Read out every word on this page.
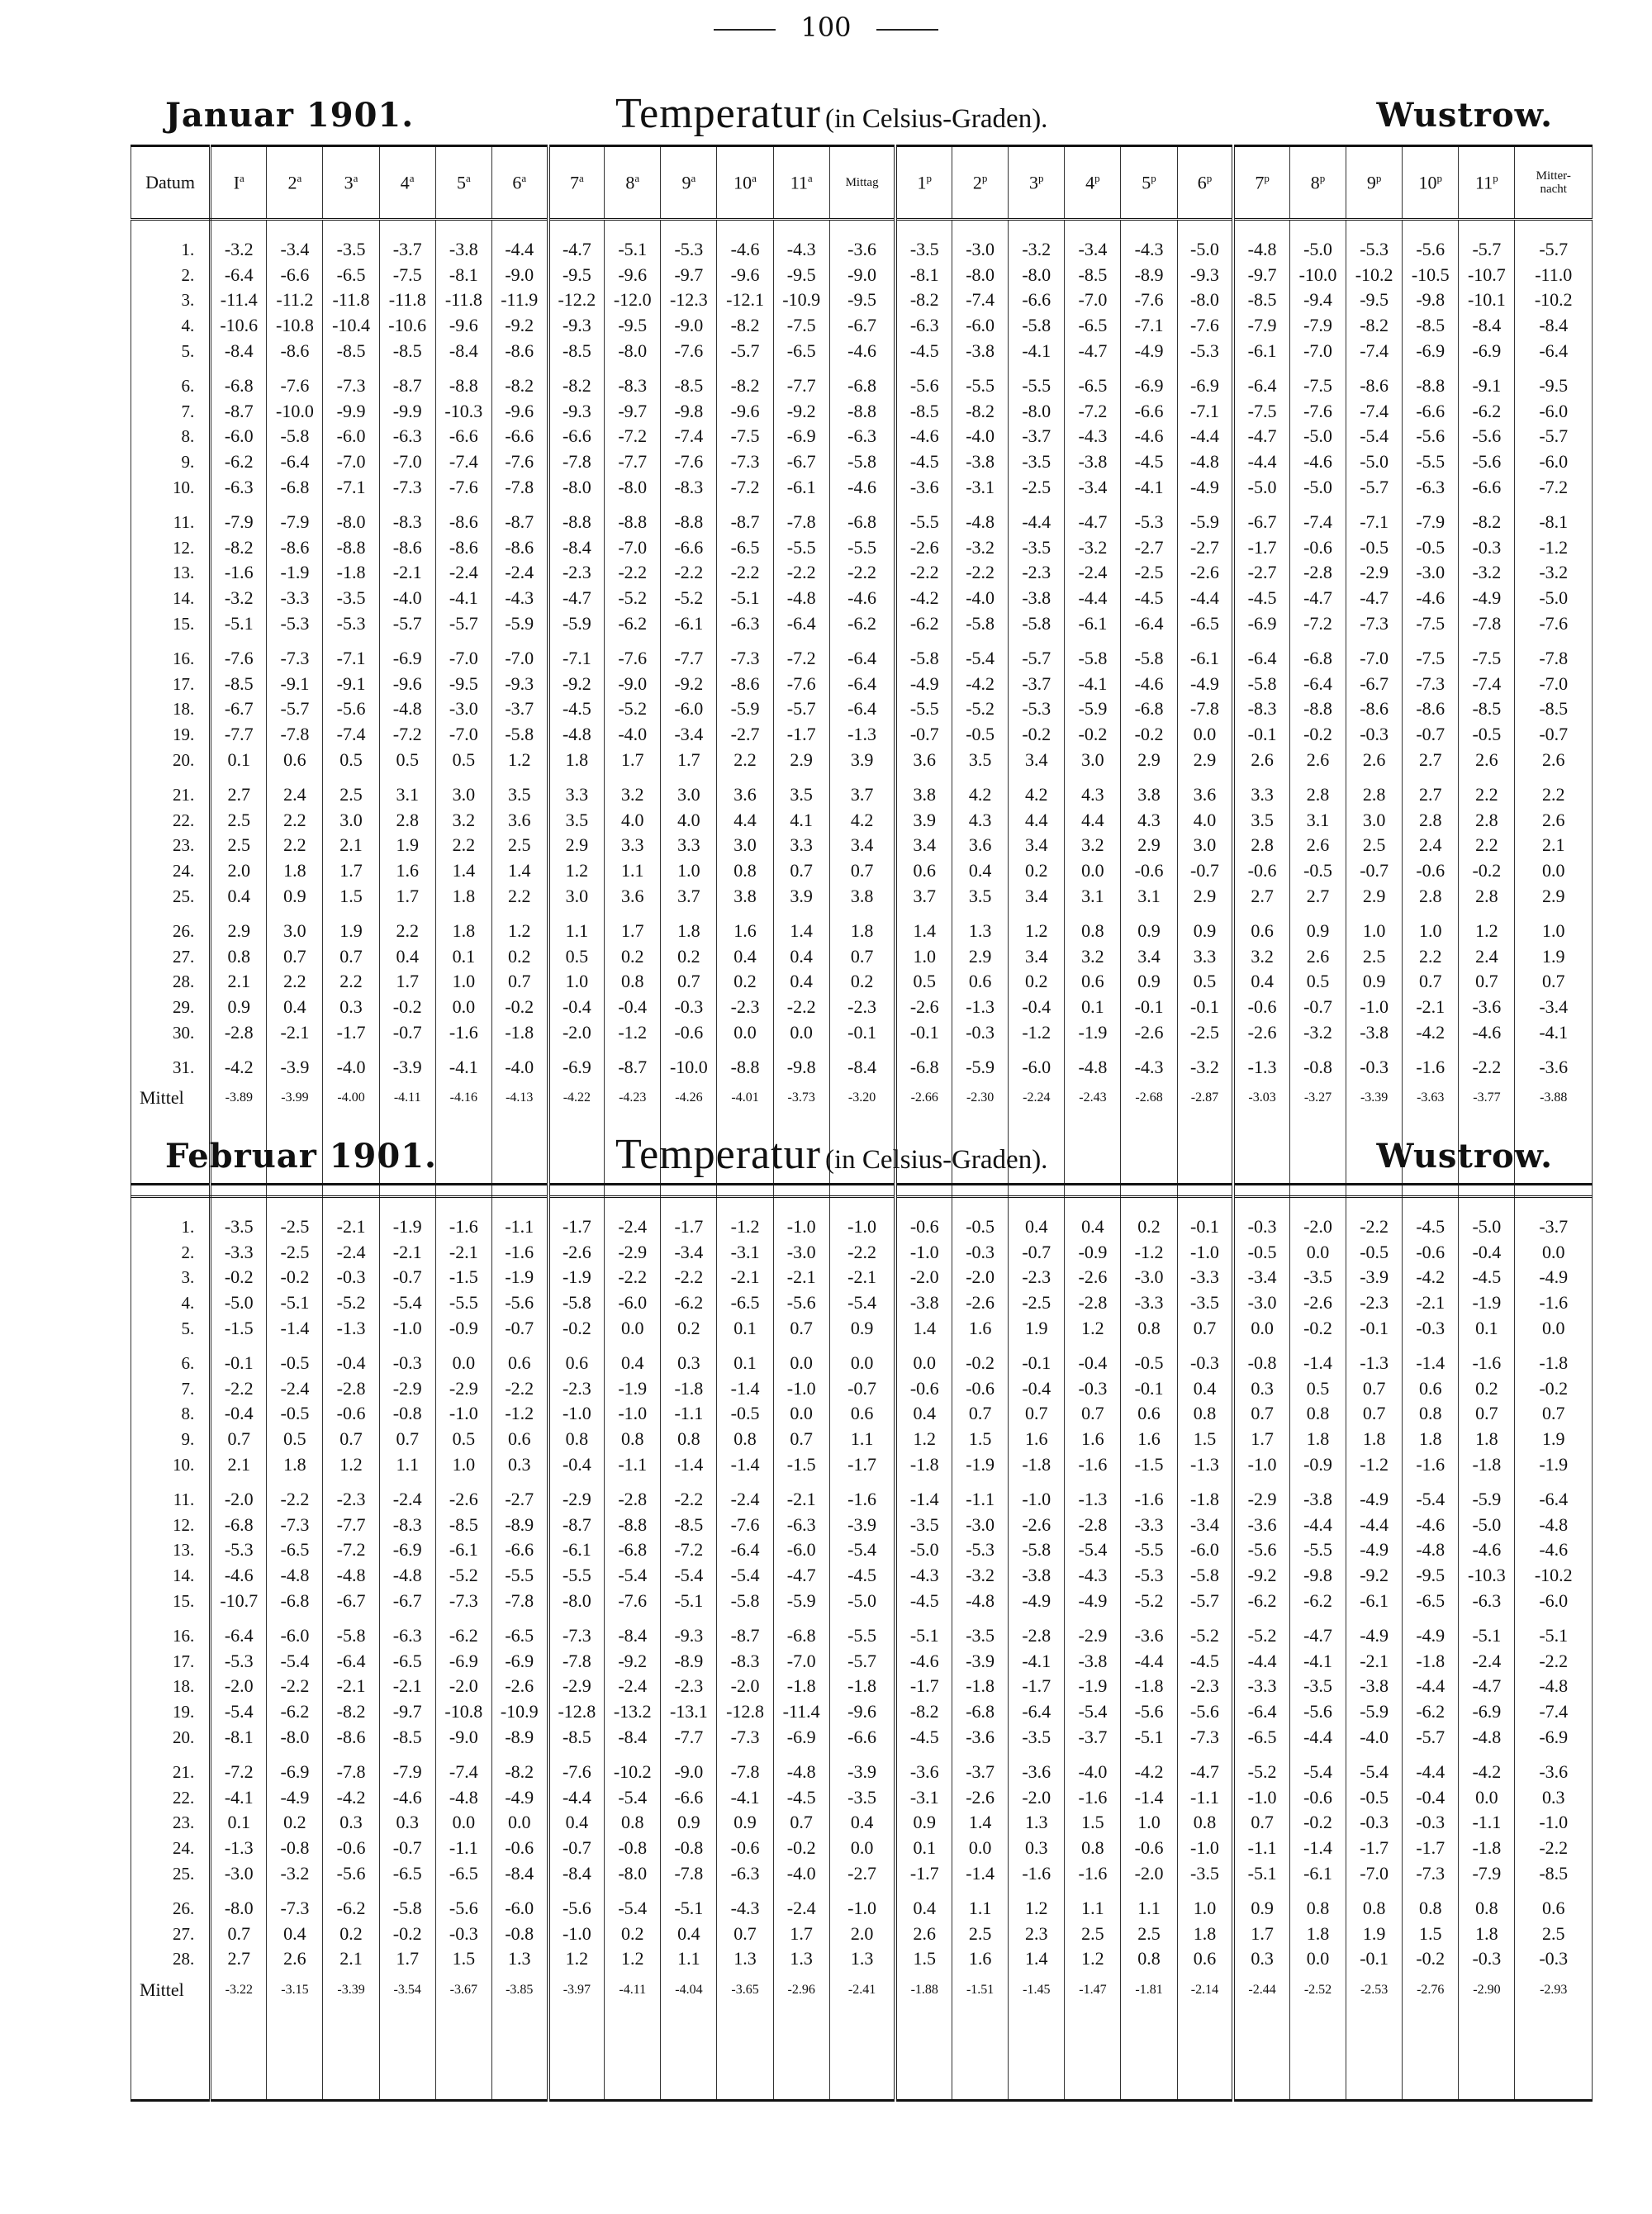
100
Januar 1901.	Temperatur (in Celsius-Graden).	Wustrow.
Datum	$I^a$	2$^a$	3$^a$	4$^a$	5$^a$	6$^a$	7$^a$	8$^a$	9$^a$	10$^a$	11$^a$	Mittag	1$^p$	2$^p$	3$^p$	4$^p$	5$^p$	6$^p$	7$^p$	8$^p$	9$^p$	10$^p$	11$^p$	Mitter-
nacht

1.	-3.2	-3.4	-3.5	-3.7	-3.8	-4.4	-4.7	-5.1	-5.3	-4.6	-4.3	-3.6	-3.5	-3.0	-3.2	-3.4	-4.3	-5.0	-4.8	-5.0	-5.3	-5.6	-5.7	-5.7
2.	-6.4	-6.6	-6.5	-7.5	-8.1	-9.0	-9.5	-9.6	-9.7	-9.6	-9.5	-9.0	-8.1	-8.0	-8.0	-8.5	-8.9	-9.3	-9.7	-10.0	-10.2	-10.5	-10.7	-11.0
3.	-11.4	-11.2	-11.8	-11.8	-11.8	-11.9	-12.2	-12.0	-12.3	-12.1	-10.9	-9.5	-8.2	-7.4	-6.6	-7.0	-7.6	-8.0	-8.5	-9.4	-9.5	-9.8	-10.1	-10.2
4.	-10.6	-10.8	-10.4	-10.6	-9.6	-9.2	-9.3	-9.5	-9.0	-8.2	-7.5	-6.7	-6.3	-6.0	-5.8	-6.5	-7.1	-7.6	-7.9	-7.9	-8.2	-8.5	-8.4	-8.4
5.	-8.4	-8.6	-8.5	-8.5	-8.4	-8.6	-8.5	-8.0	-7.6	-5.7	-6.5	-4.6	-4.5	-3.8	-4.1	-4.7	-4.9	-5.3	-6.1	-7.0	-7.4	-6.9	-6.9	-6.4

6.	-6.8	-7.6	-7.3	-8.7	-8.8	-8.2	-8.2	-8.3	-8.5	-8.2	-7.7	-6.8	-5.6	-5.5	-5.5	-6.5	-6.9	-6.9	-6.4	-7.5	-8.6	-8.8	-9.1	-9.5
7.	-8.7	-10.0	-9.9	-9.9	-10.3	-9.6	-9.3	-9.7	-9.8	-9.6	-9.2	-8.8	-8.5	-8.2	-8.0	-7.2	-6.6	-7.1	-7.5	-7.6	-7.4	-6.6	-6.2	-6.0
8.	-6.0	-5.8	-6.0	-6.3	-6.6	-6.6	-6.6	-7.2	-7.4	-7.5	-6.9	-6.3	-4.6	-4.0	-3.7	-4.3	-4.6	-4.4	-4.7	-5.0	-5.4	-5.6	-5.6	-5.7
9.	-6.2	-6.4	-7.0	-7.0	-7.4	-7.6	-7.8	-7.7	-7.6	-7.3	-6.7	-5.8	-4.5	-3.8	-3.5	-3.8	-4.5	-4.8	-4.4	-4.6	-5.0	-5.5	-5.6	-6.0
10.	-6.3	-6.8	-7.1	-7.3	-7.6	-7.8	-8.0	-8.0	-8.3	-7.2	-6.1	-4.6	-3.6	-3.1	-2.5	-3.4	-4.1	-4.9	-5.0	-5.0	-5.7	-6.3	-6.6	-7.2

11.	-7.9	-7.9	-8.0	-8.3	-8.6	-8.7	-8.8	-8.8	-8.8	-8.7	-7.8	-6.8	-5.5	-4.8	-4.4	-4.7	-5.3	-5.9	-6.7	-7.4	-7.1	-7.9	-8.2	-8.1
12.	-8.2	-8.6	-8.8	-8.6	-8.6	-8.6	-8.4	-7.0	-6.6	-6.5	-5.5	-5.5	-2.6	-3.2	-3.5	-3.2	-2.7	-2.7	-1.7	-0.6	-0.5	-0.5	-0.3	-1.2
13.	-1.6	-1.9	-1.8	-2.1	-2.4	-2.4	-2.3	-2.2	-2.2	-2.2	-2.2	-2.2	-2.2	-2.2	-2.3	-2.4	-2.5	-2.6	-2.7	-2.8	-2.9	-3.0	-3.2	-3.2
14.	-3.2	-3.3	-3.5	-4.0	-4.1	-4.3	-4.7	-5.2	-5.2	-5.1	-4.8	-4.6	-4.2	-4.0	-3.8	-4.4	-4.5	-4.4	-4.5	-4.7	-4.7	-4.6	-4.9	-5.0
15.	-5.1	-5.3	-5.3	-5.7	-5.7	-5.9	-5.9	-6.2	-6.1	-6.3	-6.4	-6.2	-6.2	-5.8	-5.8	-6.1	-6.4	-6.5	-6.9	-7.2	-7.3	-7.5	-7.8	-7.6

16.	-7.6	-7.3	-7.1	-6.9	-7.0	-7.0	-7.1	-7.6	-7.7	-7.3	-7.2	-6.4	-5.8	-5.4	-5.7	-5.8	-5.8	-6.1	-6.4	-6.8	-7.0	-7.5	-7.5	-7.8
17.	-8.5	-9.1	-9.1	-9.6	-9.5	-9.3	-9.2	-9.0	-9.2	-8.6	-7.6	-6.4	-4.9	-4.2	-3.7	-4.1	-4.6	-4.9	-5.8	-6.4	-6.7	-7.3	-7.4	-7.0
18.	-6.7	-5.7	-5.6	-4.8	-3.0	-3.7	-4.5	-5.2	-6.0	-5.9	-5.7	-6.4	-5.5	-5.2	-5.3	-5.9	-6.8	-7.8	-8.3	-8.8	-8.6	-8.6	-8.5	-8.5
19.	-7.7	-7.8	-7.4	-7.2	-7.0	-5.8	-4.8	-4.0	-3.4	-2.7	-1.7	-1.3	-0.7	-0.5	-0.2	-0.2	-0.2	0.0	-0.1	-0.2	-0.3	-0.7	-0.5	-0.7
20.	0.1	0.6	0.5	0.5	0.5	1.2	1.8	1.7	1.7	2.2	2.9	3.9	3.6	3.5	3.4	3.0	2.9	2.9	2.6	2.6	2.6	2.7	2.6	2.6

21.	2.7	2.4	2.5	3.1	3.0	3.5	3.3	3.2	3.0	3.6	3.5	3.7	3.8	4.2	4.2	4.3	3.8	3.6	3.3	2.8	2.8	2.7	2.2	2.2
22.	2.5	2.2	3.0	2.8	3.2	3.6	3.5	4.0	4.0	4.4	4.1	4.2	3.9	4.3	4.4	4.4	4.3	4.0	3.5	3.1	3.0	2.8	2.8	2.6
23.	2.5	2.2	2.1	1.9	2.2	2.5	2.9	3.3	3.3	3.0	3.3	3.4	3.4	3.6	3.4	3.2	2.9	3.0	2.8	2.6	2.5	2.4	2.2	2.1
24.	2.0	1.8	1.7	1.6	1.4	1.4	1.2	1.1	1.0	0.8	0.7	0.7	0.6	0.4	0.2	0.0	-0.6	-0.7	-0.6	-0.5	-0.7	-0.6	-0.2	0.0
25.	0.4	0.9	1.5	1.7	1.8	2.2	3.0	3.6	3.7	3.8	3.9	3.8	3.7	3.5	3.4	3.1	3.1	2.9	2.7	2.7	2.9	2.8	2.8	2.9

26.	2.9	3.0	1.9	2.2	1.8	1.2	1.1	1.7	1.8	1.6	1.4	1.8	1.4	1.3	1.2	0.8	0.9	0.9	0.6	0.9	1.0	1.0	1.2	1.0
27.	0.8	0.7	0.7	0.4	0.1	0.2	0.5	0.2	0.2	0.4	0.4	0.7	1.0	2.9	3.4	3.2	3.4	3.3	3.2	2.6	2.5	2.2	2.4	1.9
28.	2.1	2.2	2.2	1.7	1.0	0.7	1.0	0.8	0.7	0.2	0.4	0.2	0.5	0.6	0.2	0.6	0.9	0.5	0.4	0.5	0.9	0.7	0.7	0.7
29.	0.9	0.4	0.3	-0.2	0.0	-0.2	-0.4	-0.4	-0.3	-2.3	-2.2	-2.3	-2.6	-1.3	-0.4	0.1	-0.1	-0.1	-0.6	-0.7	-1.0	-2.1	-3.6	-3.4
30.	-2.8	-2.1	-1.7	-0.7	-1.6	-1.8	-2.0	-1.2	-0.6	0.0	0.0	-0.1	-0.1	-0.3	-1.2	-1.9	-2.6	-2.5	-2.6	-3.2	-3.8	-4.2	-4.6	-4.1

31.	-4.2	-3.9	-4.0	-3.9	-4.1	-4.0	-6.9	-8.7	-10.0	-8.8	-9.8	-8.4	-6.8	-5.9	-6.0	-4.8	-4.3	-3.2	-1.3	-0.8	-0.3	-1.6	-2.2	-3.6
Mittel	-3.89	-3.99	-4.00	-4.11	-4.16	-4.13	-4.22	-4.23	-4.26	-4.01	-3.73	-3.20	-2.66	-2.30	-2.24	-2.43	-2.68	-2.87	-3.03	-3.27	-3.39	-3.63	-3.77	-3.88

Februar 1901.	Temperatur (in Celsius-Graden).	Wustrow.

1.	-3.5	-2.5	-2.1	-1.9	-1.6	-1.1	-1.7	-2.4	-1.7	-1.2	-1.0	-1.0	-0.6	-0.5	0.4	0.4	0.2	-0.1	-0.3	-2.0	-2.2	-4.5	-5.0	-3.7
2.	-3.3	-2.5	-2.4	-2.1	-2.1	-1.6	-2.6	-2.9	-3.4	-3.1	-3.0	-2.2	-1.0	-0.3	-0.7	-0.9	-1.2	-1.0	-0.5	0.0	-0.5	-0.6	-0.4	0.0
3.	-0.2	-0.2	-0.3	-0.7	-1.5	-1.9	-1.9	-2.2	-2.2	-2.1	-2.1	-2.1	-2.0	-2.0	-2.3	-2.6	-3.0	-3.3	-3.4	-3.5	-3.9	-4.2	-4.5	-4.9
4.	-5.0	-5.1	-5.2	-5.4	-5.5	-5.6	-5.8	-6.0	-6.2	-6.5	-5.6	-5.4	-3.8	-2.6	-2.5	-2.8	-3.3	-3.5	-3.0	-2.6	-2.3	-2.1	-1.9	-1.6
5.	-1.5	-1.4	-1.3	-1.0	-0.9	-0.7	-0.2	0.0	0.2	0.1	0.7	0.9	1.4	1.6	1.9	1.2	0.8	0.7	0.0	-0.2	-0.1	-0.3	0.1	0.0

6.	-0.1	-0.5	-0.4	-0.3	0.0	0.6	0.6	0.4	0.3	0.1	0.0	0.0	0.0	-0.2	-0.1	-0.4	-0.5	-0.3	-0.8	-1.4	-1.3	-1.4	-1.6	-1.8
7.	-2.2	-2.4	-2.8	-2.9	-2.9	-2.2	-2.3	-1.9	-1.8	-1.4	-1.0	-0.7	-0.6	-0.6	-0.4	-0.3	-0.1	0.4	0.3	0.5	0.7	0.6	0.2	-0.2
8.	-0.4	-0.5	-0.6	-0.8	-1.0	-1.2	-1.0	-1.0	-1.1	-0.5	0.0	0.6	0.4	0.7	0.7	0.7	0.6	0.8	0.7	0.8	0.7	0.8	0.7	0.7
9.	0.7	0.5	0.7	0.7	0.5	0.6	0.8	0.8	0.8	0.8	0.7	1.1	1.2	1.5	1.6	1.6	1.6	1.5	1.7	1.8	1.8	1.8	1.8	1.9
10.	2.1	1.8	1.2	1.1	1.0	0.3	-0.4	-1.1	-1.4	-1.4	-1.5	-1.7	-1.8	-1.9	-1.8	-1.6	-1.5	-1.3	-1.0	-0.9	-1.2	-1.6	-1.8	-1.9

11.	-2.0	-2.2	-2.3	-2.4	-2.6	-2.7	-2.9	-2.8	-2.2	-2.4	-2.1	-1.6	-1.4	-1.1	-1.0	-1.3	-1.6	-1.8	-2.9	-3.8	-4.9	-5.4	-5.9	-6.4
12.	-6.8	-7.3	-7.7	-8.3	-8.5	-8.9	-8.7	-8.8	-8.5	-7.6	-6.3	-3.9	-3.5	-3.0	-2.6	-2.8	-3.3	-3.4	-3.6	-4.4	-4.4	-4.6	-5.0	-4.8
13.	-5.3	-6.5	-7.2	-6.9	-6.1	-6.6	-6.1	-6.8	-7.2	-6.4	-6.0	-5.4	-5.0	-5.3	-5.8	-5.4	-5.5	-6.0	-5.6	-5.5	-4.9	-4.8	-4.6	-4.6
14.	-4.6	-4.8	-4.8	-4.8	-5.2	-5.5	-5.5	-5.4	-5.4	-5.4	-4.7	-4.5	-4.3	-3.2	-3.8	-4.3	-5.3	-5.8	-9.2	-9.8	-9.2	-9.5	-10.3	-10.2
15.	-10.7	-6.8	-6.7	-6.7	-7.3	-7.8	-8.0	-7.6	-5.1	-5.8	-5.9	-5.0	-4.5	-4.8	-4.9	-4.9	-5.2	-5.7	-6.2	-6.2	-6.1	-6.5	-6.3	-6.0

16.	-6.4	-6.0	-5.8	-6.3	-6.2	-6.5	-7.3	-8.4	-9.3	-8.7	-6.8	-5.5	-5.1	-3.5	-2.8	-2.9	-3.6	-5.2	-5.2	-4.7	-4.9	-4.9	-5.1	-5.1
17.	-5.3	-5.4	-6.4	-6.5	-6.9	-6.9	-7.8	-9.2	-8.9	-8.3	-7.0	-5.7	-4.6	-3.9	-4.1	-3.8	-4.4	-4.5	-4.4	-4.1	-2.1	-1.8	-2.4	-2.2
18.	-2.0	-2.2	-2.1	-2.1	-2.0	-2.6	-2.9	-2.4	-2.3	-2.0	-1.8	-1.8	-1.7	-1.8	-1.7	-1.9	-1.8	-2.3	-3.3	-3.5	-3.8	-4.4	-4.7	-4.8
19.	-5.4	-6.2	-8.2	-9.7	-10.8	-10.9	-12.8	-13.2	-13.1	-12.8	-11.4	-9.6	-8.2	-6.8	-6.4	-5.4	-5.6	-5.6	-6.4	-5.6	-5.9	-6.2	-6.9	-7.4
20.	-8.1	-8.0	-8.6	-8.5	-9.0	-8.9	-8.5	-8.4	-7.7	-7.3	-6.9	-6.6	-4.5	-3.6	-3.5	-3.7	-5.1	-7.3	-6.5	-4.4	-4.0	-5.7	-4.8	-6.9

21.	-7.2	-6.9	-7.8	-7.9	-7.4	-8.2	-7.6	-10.2	-9.0	-7.8	-4.8	-3.9	-3.6	-3.7	-3.6	-4.0	-4.2	-4.7	-5.2	-5.4	-5.4	-4.4	-4.2	-3.6
22.	-4.1	-4.9	-4.2	-4.6	-4.8	-4.9	-4.4	-5.4	-6.6	-4.1	-4.5	-3.5	-3.1	-2.6	-2.0	-1.6	-1.4	-1.1	-1.0	-0.6	-0.5	-0.4	0.0	0.3
23.	0.1	0.2	0.3	0.3	0.0	0.0	0.4	0.8	0.9	0.9	0.7	0.4	0.9	1.4	1.3	1.5	1.0	0.8	0.7	-0.2	-0.3	-0.3	-1.1	-1.0
24.	-1.3	-0.8	-0.6	-0.7	-1.1	-0.6	-0.7	-0.8	-0.8	-0.6	-0.2	0.0	0.1	0.0	0.3	0.8	-0.6	-1.0	-1.1	-1.4	-1.7	-1.7	-1.8	-2.2
25.	-3.0	-3.2	-5.6	-6.5	-6.5	-8.4	-8.4	-8.0	-7.8	-6.3	-4.0	-2.7	-1.7	-1.4	-1.6	-1.6	-2.0	-3.5	-5.1	-6.1	-7.0	-7.3	-7.9	-8.5

26.	-8.0	-7.3	-6.2	-5.8	-5.6	-6.0	-5.6	-5.4	-5.1	-4.3	-2.4	-1.0	0.4	1.1	1.2	1.1	1.1	1.0	0.9	0.8	0.8	0.8	0.8	0.6
27.	0.7	0.4	0.2	-0.2	-0.3	-0.8	-1.0	0.2	0.4	0.7	1.7	2.0	2.6	2.5	2.3	2.5	2.5	1.8	1.7	1.8	1.9	1.5	1.8	2.5
28.	2.7	2.6	2.1	1.7	1.5	1.3	1.2	1.2	1.1	1.3	1.3	1.3	1.5	1.6	1.4	1.2	0.8	0.6	0.3	0.0	-0.1	-0.2	-0.3	-0.3
Mittel	-3.22	-3.15	-3.39	-3.54	-3.67	-3.85	-3.97	-4.11	-4.04	-3.65	-2.96	-2.41	-1.88	-1.51	-1.45	-1.47	-1.81	-2.14	-2.44	-2.52	-2.53	-2.76	-2.90	-2.93
